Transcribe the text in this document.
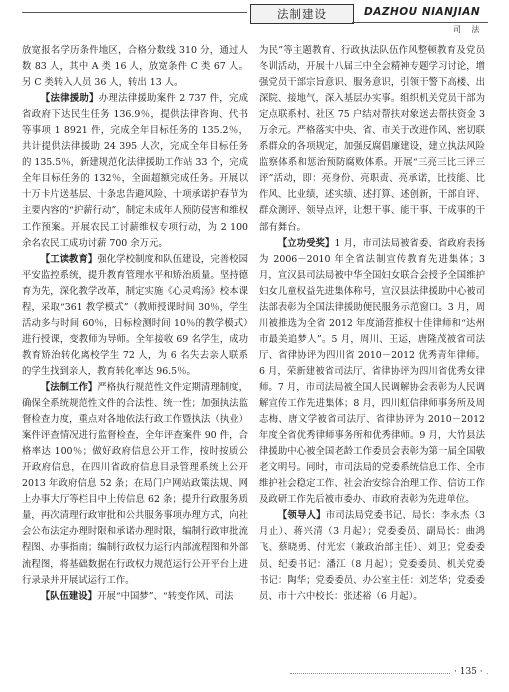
法制建设	DAZHOU NIANJIAN
司 法

放宽报名学历条件地区，合格分数线 310 分，通过人数 83 人，其中 A 类 16 人，放宽条件 C 类 67 人。另 C 类转入人员 36 人，转出 13 人。

【法律援助】办理法律援助案件 2 737 件，完成省政府下达民生任务 136.9％，提供法律咨询、代书等事项 1 8921 件，完成全年目标任务的 135.2％，共计提供法律援助 24 395 人次，完成全年目标任务的 135.5％，新建规范化法律援助工作站 33 个，完成全年目标任务的 132％，全面超额完成任务。开展以十万卡片送基层、十条忠告避风险、十项承诺护春节为主要内容的“护薪行动”，制定未成年人预防侵害和维权工作预案。开展农民工讨薪维权专项行动，为 2 100 余名农民工成功讨薪 700 余万元。

【工读教育】强化学校制度和队伍建设，完善校园平安监控系统，提升教育管理水平和矫治质量。坚持德育为先，深化教学改革，制定实施《心灵鸡汤》校本课程，采取“361 教学模式”（教师授课时间 30％，学生活动多与时间 60％，日标检测时间 10％的教学模式）进行授课，变教师为导师。全年接收 69 名学生，成功教育矫治转化离校学生 72 人，为 6 名失去亲人联系的学生找到亲人，教育转化率达 96.5％。

【法制工作】严格执行规范性文件定期清理制度，确保全系统规范性文件的合法性、统一性；加强执法监督检查力度，重点对各地依法行政工作暨执法（执业）案件评查情况进行监督检查，全年评查案件 90 件，合格率达 100％；做好政府信息公开工作，按时按质公开政府信息，在四川省政府信息目录管理系统上公开 2013 年政府信息 52 条；在局门户网站政策法规、网上办事大厅等栏目中上传信息 62 条；提升行政服务质量，再次清理行政审批和公共服务事项办理方式，向社会公布法定办理时限和承诺办理时限，编制行政审批流程图、办事指南；编制行政权力运行内部流程图和外部流程图，将基础数据在行政权力规范运行公开平台上进行录录并开展试运行工作。

【队伍建设】开展“中国梦”、“转变作风、司法

为民”等主题教育、行政执法队伍作风整顿教育及党员冬训活动，开展十八届三中全会精神专题学习讨论，增强党员干部宗旨意识、服务意识，引领干警下高楼、出深院、接地气，深入基层办实事。组织机关党员干部为定点联系村、社区 75 户结对帮扶对象送去帮扶资金 3 万余元。严格落实中央、省、市关于改进作风、密切联系群众的各项规定，加强反腐倡廉建设，建立执法风险监察体系和惩治预防腐败体系。开展“三亮三比三评三评”活动，即：亮身份、亮职责、亮承诺，比技能、比作风、比业绩，述实绩、述打算、述创新，干部自评、群众测评、领导点评，让想干事、能干事、干成事的干部有舞台。

【立功受奖】1 月，市司法局被省委、省政府表扬为 2006－2010 年全省法制宣传教育先进集体；3 月，宣汉县司法局被中华全国妇女联合会授予全国维护妇女儿童权益先进集体称号，宣汉县法律援助中心被司法部表彰为全国法律援助便民服务示范窗口。3 月，周川被推选为全省 2012 年度涌营推权十佳律师和“达州市最美追梦人”。5 月，周川、王运，唐隆茂被省司法厅、省律协评为四川省 2010－2012 优秀青年律师。6 月，荣新建被省司法厅、省律协评为四川省优秀女律师。7 月，市司法局被全国人民调解协会表彰为人民调解宣传工作先进集体；8 月，四川虹信律师事务所及周志梅、唐文学被省司法厅、省律协评为 2010－2012 年度全省优秀律师事务所和优秀律师。9 月，大竹县法律援助中心被全国老龄工作委员会表彰为第一届全国敬老文明号。同时，市司法局的党委系统信息工作、全市维护社会稳定工作、社会治安综合治理工作、信访工作及政研工作先后被市委办、市政府表彰为先进单位。

【领导人】市司法局党委书记、局长：李永杰（3 月止）、蒋兴清（3 月起）；党委委员、副局长：曲鸿飞、蔡晓勇、付光宏（兼政治部主任）、刘卫；党委委员、纪委书记：潘江（8 月起）；党委委员、机关党委书记：陶华；党委委员、办公室主任：刘芝华；党委委员、市十六中校长：张述裕（6 月起）。

· 135 ·
